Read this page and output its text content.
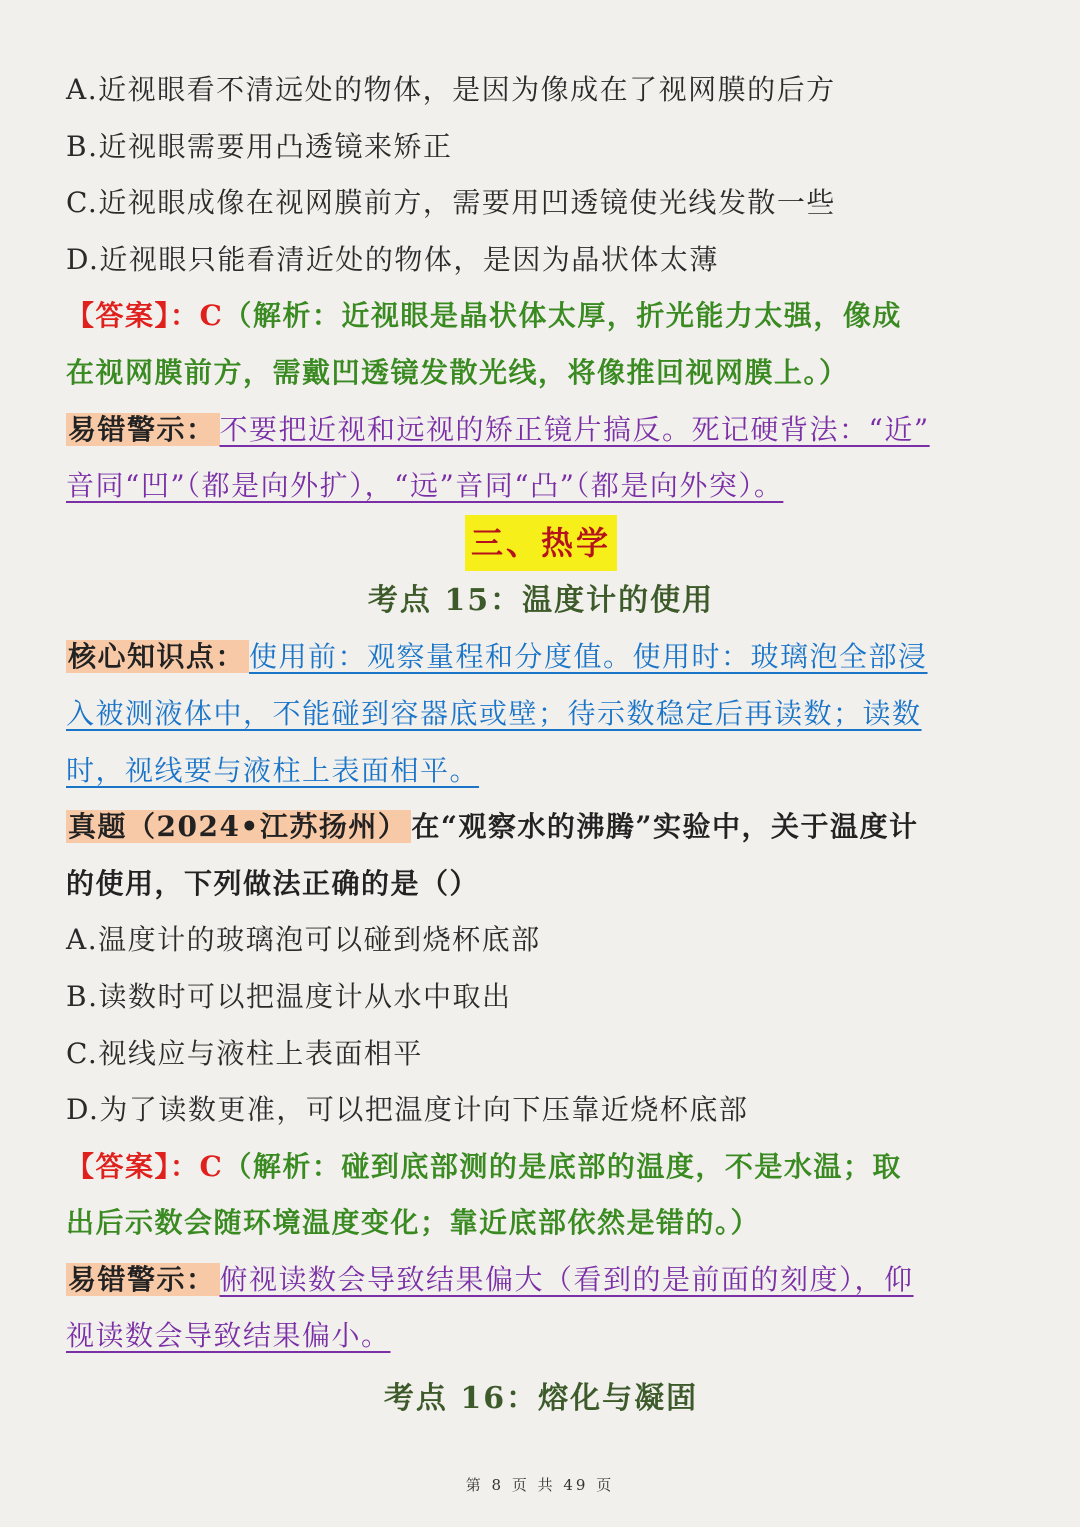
A.近视眼看不清远处的物体，是因为像成在了视网膜的后方
B.近视眼需要用凸透镜来矫正
C.近视眼成像在视网膜前方，需要用凹透镜使光线发散一些
D.近视眼只能看清近处的物体，是因为晶状体太薄
【答案】：C（解析：近视眼是晶状体太厚，折光能力太强，像成
在视网膜前方，需戴凹透镜发散光线，将像推回视网膜上。）
易错警示： 不要把近视和远视的矫正镜片搞反。死记硬背法：“近”
音同“凹”（都是向外扩），“远”音同“凸”（都是向外突）。
三、热学
考点 15：温度计的使用
核心知识点： 使用前：观察量程和分度值。使用时：玻璃泡全部浸
入被测液体中，不能碰到容器底或壁；待示数稳定后再读数；读数
时，视线要与液柱上表面相平。
真题（2024•江苏扬州） 在“观察水的沸腾”实验中，关于温度计
的使用，下列做法正确的是（）
A.温度计的玻璃泡可以碰到烧杯底部
B.读数时可以把温度计从水中取出
C.视线应与液柱上表面相平
D.为了读数更准，可以把温度计向下压靠近烧杯底部
【答案】：C（解析：碰到底部测的是底部的温度，不是水温；取
出后示数会随环境温度变化；靠近底部依然是错的。）
易错警示： 俯视读数会导致结果偏大（看到的是前面的刻度），仰
视读数会导致结果偏小。
考点 16：熔化与凝固
第 8 页 共 49 页
